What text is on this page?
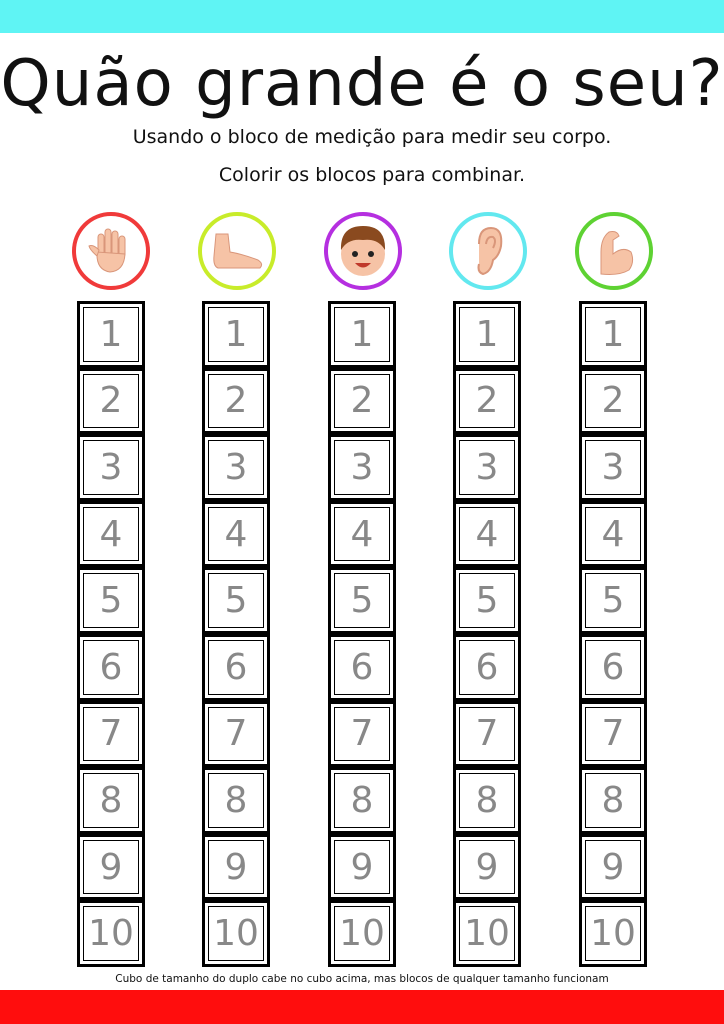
Quão grande é o seu?
Usando o bloco de medição para medir seu corpo.
Colorir os blocos para combinar.
1
2
3
4
5
6
7
8
9
10
1
2
3
4
5
6
7
8
9
10
1
2
3
4
5
6
7
8
9
10
1
2
3
4
5
6
7
8
9
10
1
2
3
4
5
6
7
8
9
10
Cubo de tamanho do duplo cabe no cubo acima, mas blocos de qualquer tamanho funcionam
